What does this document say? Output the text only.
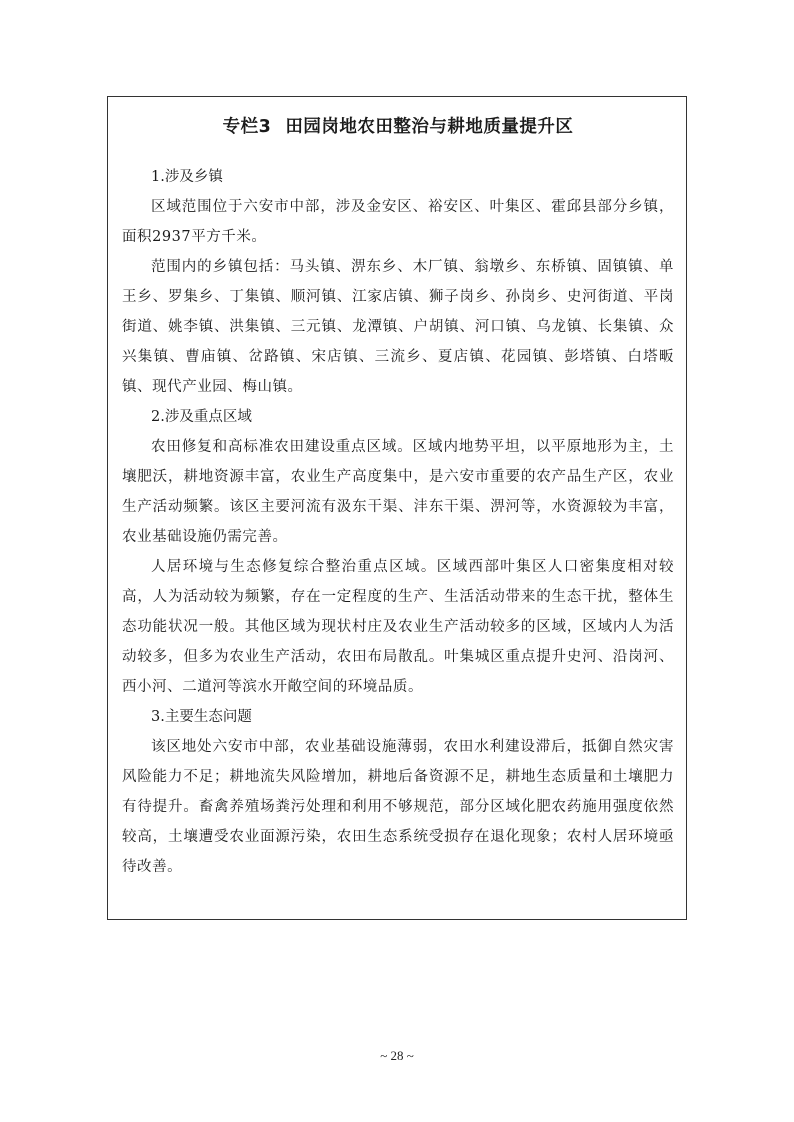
专栏3 田园岗地农田整治与耕地质量提升区

1.涉及乡镇

区域范围位于六安市中部，涉及金安区、裕安区、叶集区、霍邱县部分乡镇，面积2937平方千米。

范围内的乡镇包括：马头镇、淠东乡、木厂镇、翁墩乡、东桥镇、固镇镇、单王乡、罗集乡、丁集镇、顺河镇、江家店镇、狮子岗乡、孙岗乡、史河街道、平岗街道、姚李镇、洪集镇、三元镇、龙潭镇、户胡镇、河口镇、乌龙镇、长集镇、众兴集镇、曹庙镇、岔路镇、宋店镇、三流乡、夏店镇、花园镇、彭塔镇、白塔畈镇、现代产业园、梅山镇。

2.涉及重点区域

农田修复和高标准农田建设重点区域。区域内地势平坦，以平原地形为主，土壤肥沃，耕地资源丰富，农业生产高度集中，是六安市重要的农产品生产区，农业生产活动频繁。该区主要河流有汲东干渠、沣东干渠、淠河等，水资源较为丰富，农业基础设施仍需完善。

人居环境与生态修复综合整治重点区域。区域西部叶集区人口密集度相对较高，人为活动较为频繁，存在一定程度的生产、生活活动带来的生态干扰，整体生态功能状况一般。其他区域为现状村庄及农业生产活动较多的区域，区域内人为活动较多，但多为农业生产活动，农田布局散乱。叶集城区重点提升史河、沿岗河、西小河、二道河等滨水开敞空间的环境品质。

3.主要生态问题

该区地处六安市中部，农业基础设施薄弱，农田水利建设滞后，抵御自然灾害风险能力不足；耕地流失风险增加，耕地后备资源不足，耕地生态质量和土壤肥力有待提升。畜禽养殖场粪污处理和利用不够规范，部分区域化肥农药施用强度依然较高，土壤遭受农业面源污染，农田生态系统受损存在退化现象；农村人居环境亟待改善。

~ 28 ~
